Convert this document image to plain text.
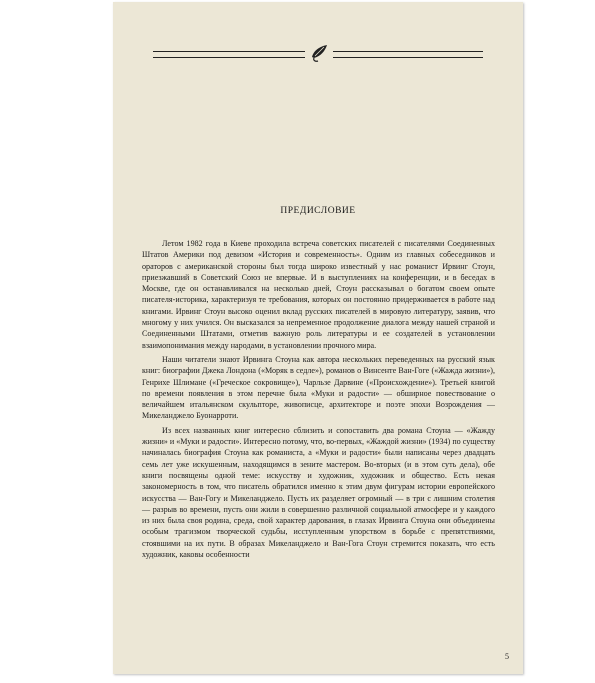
ПРЕДИСЛОВИЕ

Летом 1982 года в Киеве проходила встреча советских писателей с писателями Соединенных Штатов Америки под девизом «История и современность». Одним из главных собеседников и ораторов с американской стороны был тогда широко известный у нас романист Ирвинг Стоун, приезжавший в Советский Союз не впервые. И в выступлениях на конференции, и в беседах в Москве, где он останавливался на несколько дней, Стоун рассказывал о богатом своем опыте писателя-историка, характеризуя те требования, которых он постоянно придерживается в работе над книгами. Ирвинг Стоун высоко оценил вклад русских писателей в мировую литературу, заявив, что многому у них учился. Он высказался за непременное продолжение диалога между нашей страной и Соединенными Штатами, отметив важную роль литературы и ее создателей в установлении взаимопонимания между народами, в установлении прочного мира.

Наши читатели знают Ирвинга Стоуна как автора нескольких переведенных на русский язык книг: биографии Джека Лондона («Моряк в седле»), романов о Винсенте Ван-Гоге («Жажда жизни»), Генрихе Шлимане («Греческое сокровище»), Чарльзе Дарвине («Происхождение»). Третьей книгой по времени появления в этом перечне была «Муки и радости» — обширное повествование о величайшем итальянском скульпторе, живописце, архитекторе и поэте эпохи Возрождения — Микеланджело Буонарроти.

Из всех названных книг интересно сблизить и сопоставить два романа Стоуна — «Жажду жизни» и «Муки и радости». Интересно потому, что, во-первых, «Жаждой жизни» (1934) по существу начиналась биография Стоуна как романиста, а «Муки и радости» были написаны через двадцать семь лет уже искушенным, находящимся в зените мастером. Во-вторых (и в этом суть дела), обе книги посвящены одной теме: искусству и художник, художник и общество. Есть некая закономерность в том, что писатель обратился именно к этим двум фигурам истории европейского искусства — Ван-Гогу и Микеланджело. Пусть их разделяет огромный — в три с лишним столетия — разрыв во времени, пусть они жили в совершенно различной социальной атмосфере и у каждого из них была своя родина, среда, свой характер дарования, в глазах Ирвинга Стоуна они объединены особым трагизмом творческой судьбы, исступленным упорством в борьбе с препятствиями, стоявшими на их пути. В образах Микеланджело и Ван-Гога Стоун стремится показать, что есть художник, каковы особенности

5
